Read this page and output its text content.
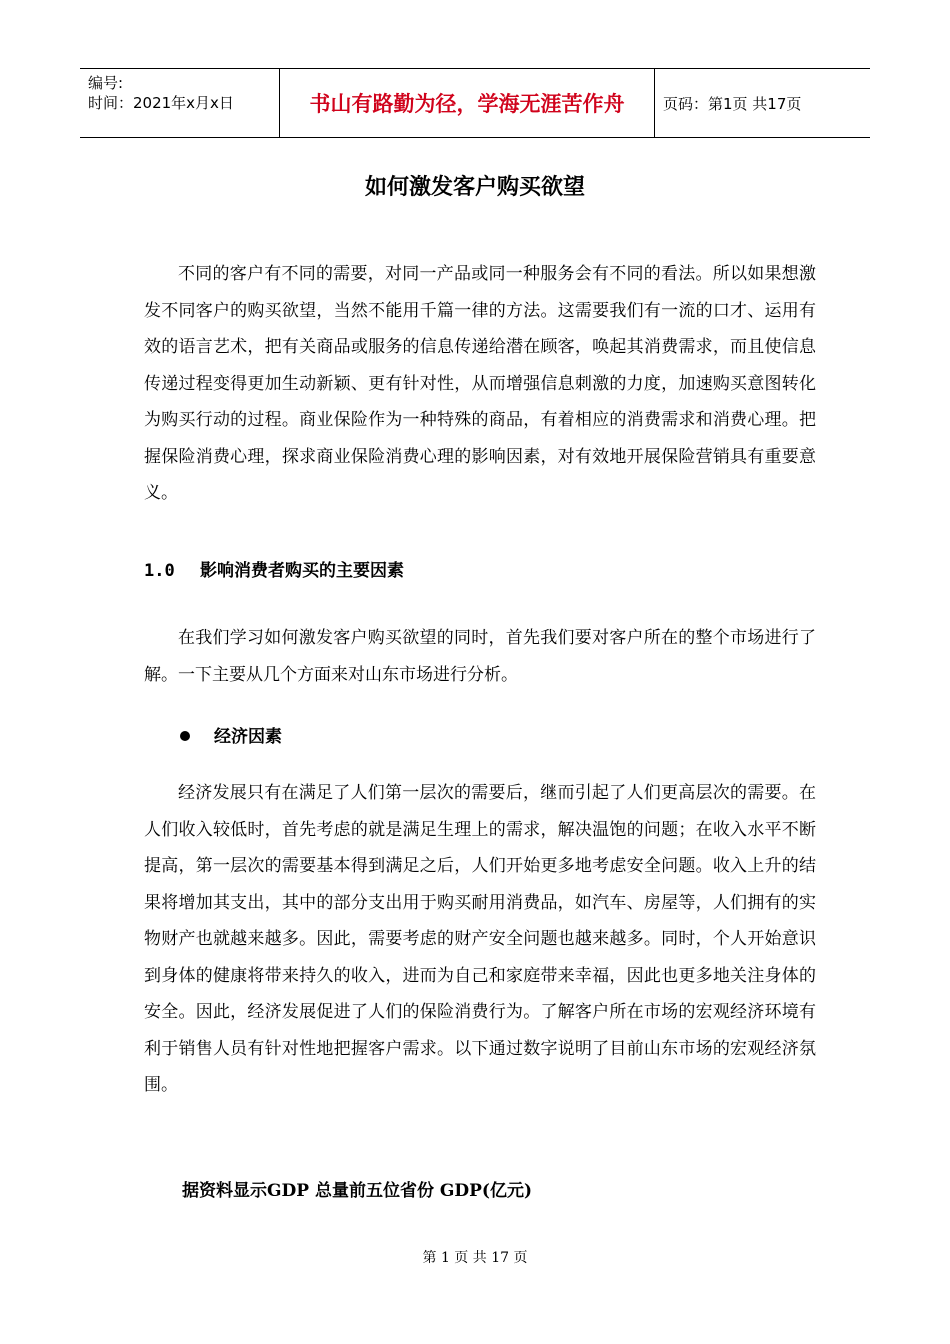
编号:
时间：2021年x月x日	书山有路勤为径，学海无涯苦作舟	页码：第1页 共17页
如何激发客户购买欲望

不同的客户有不同的需要，对同一产品或同一种服务会有不同的看法。所以如果想激发不同客户的购买欲望，当然不能用千篇一律的方法。这需要我们有一流的口才、运用有效的语言艺术，把有关商品或服务的信息传递给潜在顾客，唤起其消费需求，而且使信息传递过程变得更加生动新颖、更有针对性，从而增强信息刺激的力度，加速购买意图转化为购买行动的过程。商业保险作为一种特殊的商品，有着相应的消费需求和消费心理。把握保险消费心理，探求商业保险消费心理的影响因素，对有效地开展保险营销具有重要意义。

1.0 影响消费者购买的主要因素

在我们学习如何激发客户购买欲望的同时，首先我们要对客户所在的整个市场进行了解。一下主要从几个方面来对山东市场进行分析。

经济因素

经济发展只有在满足了人们第一层次的需要后，继而引起了人们更高层次的需要。在人们收入较低时，首先考虑的就是满足生理上的需求，解决温饱的问题；在收入水平不断提高，第一层次的需要基本得到满足之后，人们开始更多地考虑安全问题。收入上升的结果将增加其支出，其中的部分支出用于购买耐用消费品，如汽车、房屋等，人们拥有的实物财产也就越来越多。因此，需要考虑的财产安全问题也越来越多。同时，个人开始意识到身体的健康将带来持久的收入，进而为自己和家庭带来幸福，因此也更多地关注身体的安全。因此，经济发展促进了人们的保险消费行为。了解客户所在市场的宏观经济环境有利于销售人员有针对性地把握客户需求。以下通过数字说明了目前山东市场的宏观经济氛围。

据资料显示GDP 总量前五位省份 GDP(亿元)
第 1 页 共 17 页
